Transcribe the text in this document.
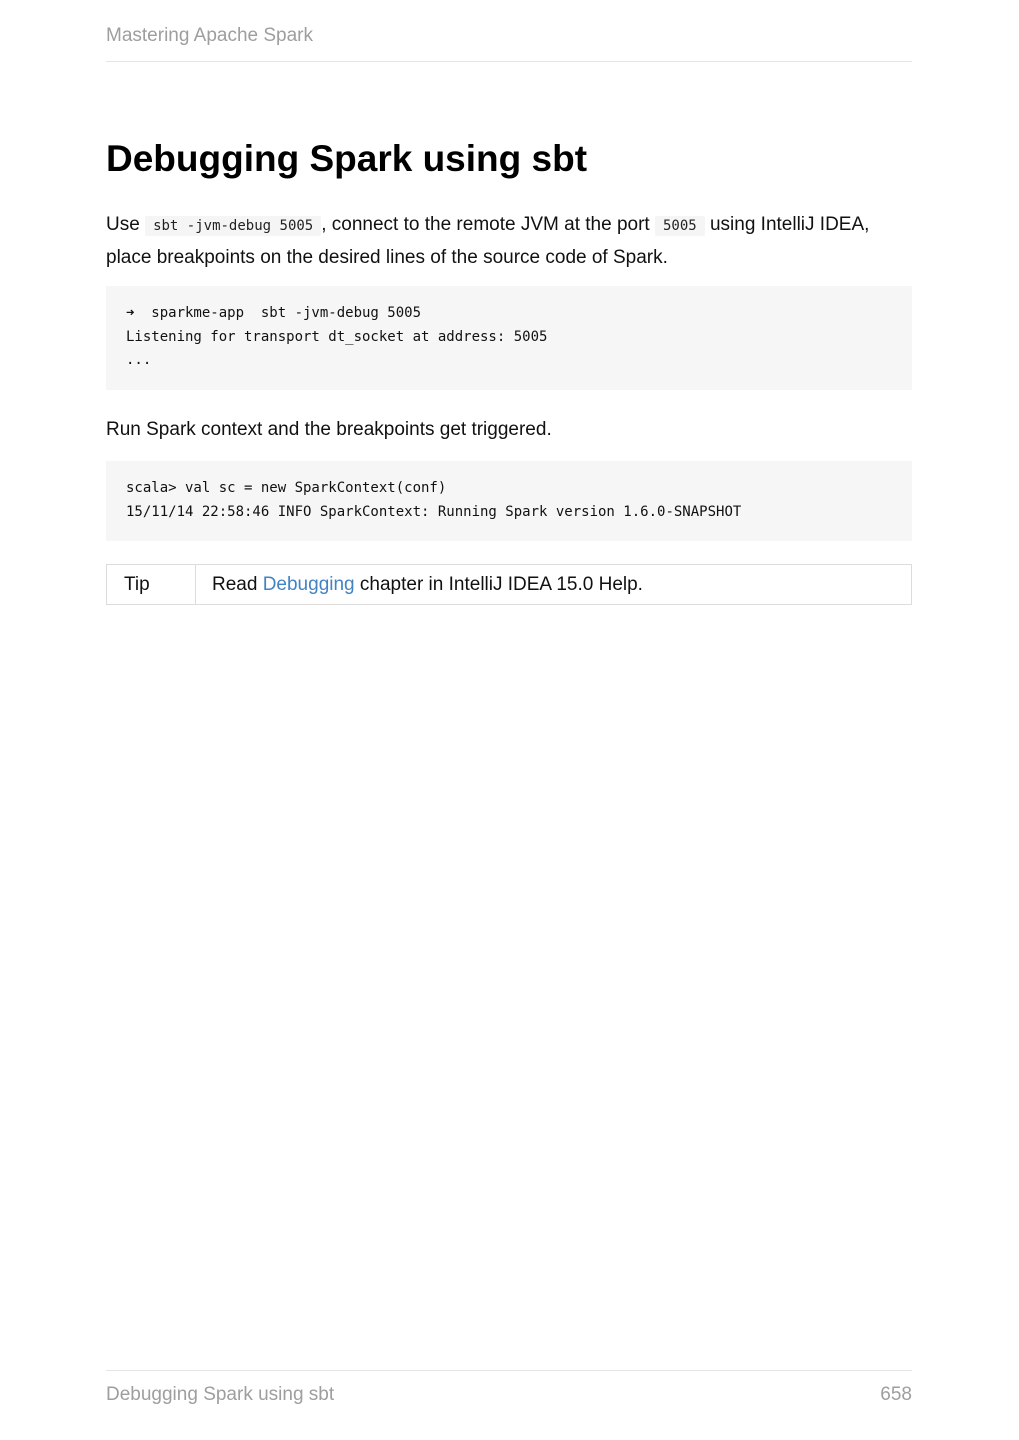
Mastering Apache Spark
Debugging Spark using sbt
Use sbt -jvm-debug 5005 , connect to the remote JVM at the port 5005 using IntelliJ IDEA, place breakpoints on the desired lines of the source code of Spark.
➜  sparkme-app  sbt -jvm-debug 5005
Listening for transport dt_socket at address: 5005
...
Run Spark context and the breakpoints get triggered.
scala> val sc = new SparkContext(conf)
15/11/14 22:58:46 INFO SparkContext: Running Spark version 1.6.0-SNAPSHOT
Tip	Read Debugging chapter in IntelliJ IDEA 15.0 Help.
Debugging Spark using sbt	658
